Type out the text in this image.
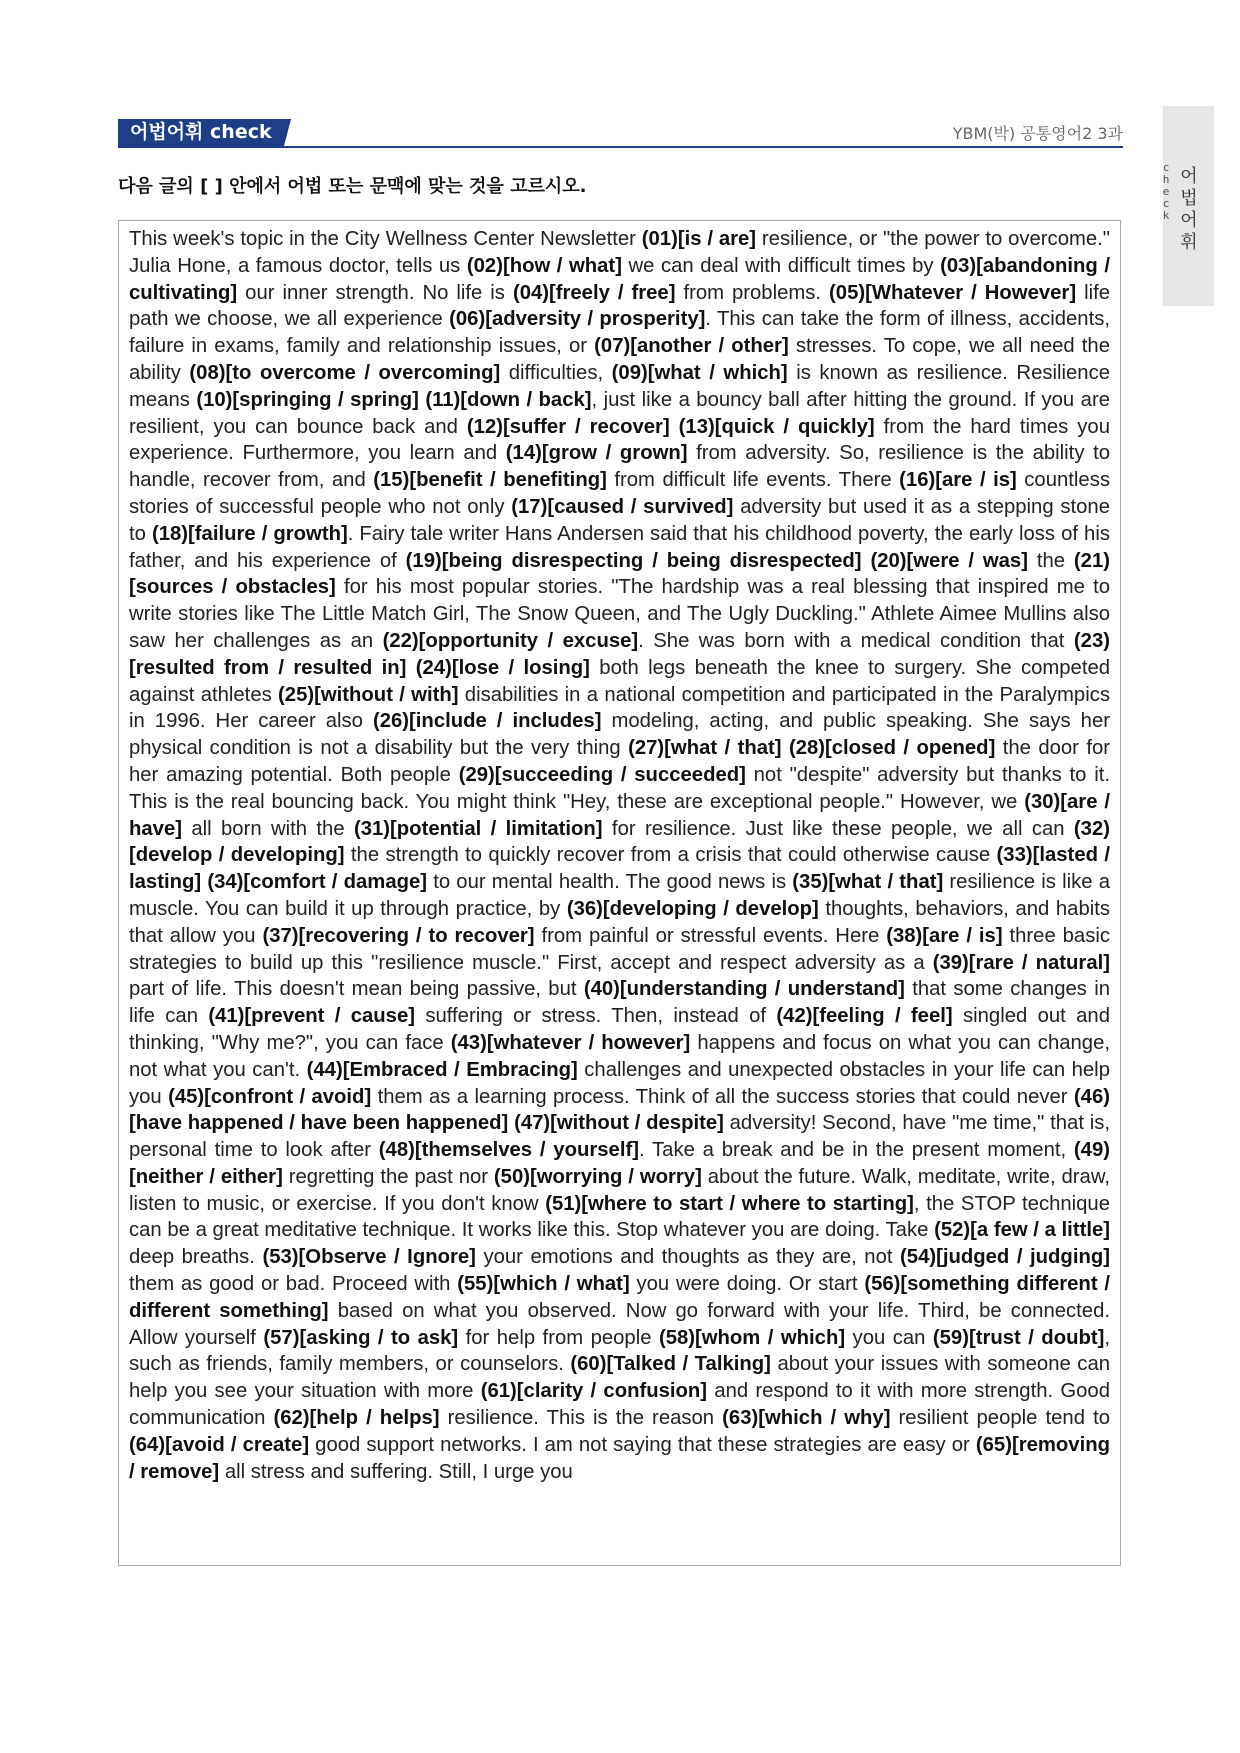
어법어휘 check	YBM(박) 공통영어2 3과
check
어법어휘
다음 글의 [ ] 안에서 어법 또는 문맥에 맞는 것을 고르시오.
This week's topic in the City Wellness Center Newsletter (01)[is / are] resilience, or "the power to overcome." Julia Hone, a famous doctor, tells us (02)[how / what] we can deal with difficult times by (03)[abandoning / cultivating] our inner strength. No life is (04)[freely / free] from problems. (05)[Whatever / However] life path we choose, we all experience (06)[adversity / prosperity]. This can take the form of illness, accidents, failure in exams, family and relationship issues, or (07)[another / other] stresses. To cope, we all need the ability (08)[to overcome / overcoming] difficulties, (09)[what / which] is known as resilience. Resilience means (10)[springing / spring] (11)[down / back], just like a bouncy ball after hitting the ground. If you are resilient, you can bounce back and (12)[suffer / recover] (13)[quick / quickly] from the hard times you experience. Furthermore, you learn and (14)[grow / grown] from adversity. So, resilience is the ability to handle, recover from, and (15)[benefit / benefiting] from difficult life events. There (16)[are / is] countless stories of successful people who not only (17)[caused / survived] adversity but used it as a stepping stone to (18)[failure / growth]. Fairy tale writer Hans Andersen said that his childhood poverty, the early loss of his father, and his experience of (19)[being disrespecting / being disrespected] (20)[were / was] the (21)[sources / obstacles] for his most popular stories. "The hardship was a real blessing that inspired me to write stories like The Little Match Girl, The Snow Queen, and The Ugly Duckling." Athlete Aimee Mullins also saw her challenges as an (22)[opportunity / excuse]. She was born with a medical condition that (23)[resulted from / resulted in] (24)[lose / losing] both legs beneath the knee to surgery. She competed against athletes (25)[without / with] disabilities in a national competition and participated in the Paralympics in 1996. Her career also (26)[include / includes] modeling, acting, and public speaking. She says her physical condition is not a disability but the very thing (27)[what / that] (28)[closed / opened] the door for her amazing potential. Both people (29)[succeeding / succeeded] not "despite" adversity but thanks to it. This is the real bouncing back. You might think "Hey, these are exceptional people." However, we (30)[are / have] all born with the (31)[potential / limitation] for resilience. Just like these people, we all can (32)[develop / developing] the strength to quickly recover from a crisis that could otherwise cause (33)[lasted / lasting] (34)[comfort / damage] to our mental health. The good news is (35)[what / that] resilience is like a muscle. You can build it up through practice, by (36)[developing / develop] thoughts, behaviors, and habits that allow you (37)[recovering / to recover] from painful or stressful events. Here (38)[are / is] three basic strategies to build up this "resilience muscle." First, accept and respect adversity as a (39)[rare / natural] part of life. This doesn't mean being passive, but (40)[understanding / understand] that some changes in life can (41)[prevent / cause] suffering or stress. Then, instead of (42)[feeling / feel] singled out and thinking, "Why me?", you can face (43)[whatever / however] happens and focus on what you can change, not what you can't. (44)[Embraced / Embracing] challenges and unexpected obstacles in your life can help you (45)[confront / avoid] them as a learning process. Think of all the success stories that could never (46)[have happened / have been happened] (47)[without / despite] adversity! Second, have "me time," that is, personal time to look after (48)[themselves / yourself]. Take a break and be in the present moment, (49)[neither / either] regretting the past nor (50)[worrying / worry] about the future. Walk, meditate, write, draw, listen to music, or exercise. If you don't know (51)[where to start / where to starting], the STOP technique can be a great meditative technique. It works like this. Stop whatever you are doing. Take (52)[a few / a little] deep breaths. (53)[Observe / Ignore] your emotions and thoughts as they are, not (54)[judged / judging] them as good or bad. Proceed with (55)[which / what] you were doing. Or start (56)[something different / different something] based on what you observed. Now go forward with your life. Third, be connected. Allow yourself (57)[asking / to ask] for help from people (58)[whom / which] you can (59)[trust / doubt], such as friends, family members, or counselors. (60)[Talked / Talking] about your issues with someone can help you see your situation with more (61)[clarity / confusion] and respond to it with more strength. Good communication (62)[help / helps] resilience. This is the reason (63)[which / why] resilient people tend to (64)[avoid / create] good support networks. I am not saying that these strategies are easy or (65)[removing / remove] all stress and suffering. Still, I urge you
